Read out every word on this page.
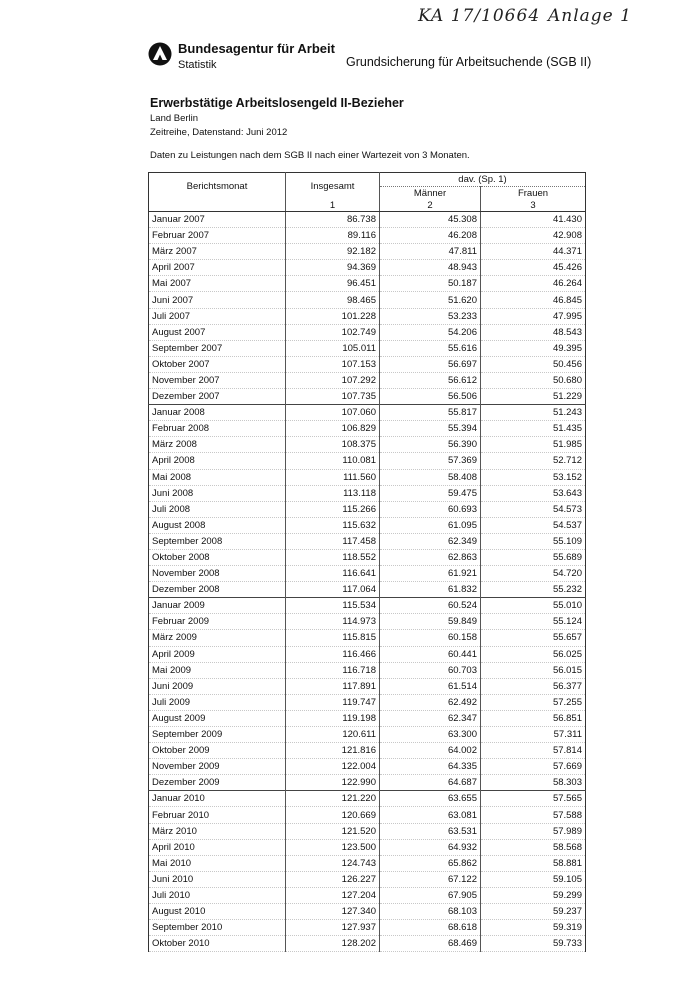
KA 17/10664 Anlage 1
Bundesagentur für Arbeit
Statistik	Grundsicherung für Arbeitsuchende (SGB II)
Erwerbstätige Arbeitslosengeld II-Bezieher
Land Berlin
Zeitreihe, Datenstand: Juni 2012
Daten zu Leistungen nach dem SGB II nach einer Wartezeit von 3 Monaten.
Berichtsmonat	Insgesamt	dav. (Sp. 1)	
		Männer	Frauen
	1	2	3
Januar 2007	86.738	45.308	41.430
Februar 2007	89.116	46.208	42.908
März 2007	92.182	47.811	44.371
April 2007	94.369	48.943	45.426
Mai 2007	96.451	50.187	46.264
Juni 2007	98.465	51.620	46.845
Juli 2007	101.228	53.233	47.995
August 2007	102.749	54.206	48.543
September 2007	105.011	55.616	49.395
Oktober 2007	107.153	56.697	50.456
November 2007	107.292	56.612	50.680
Dezember 2007	107.735	56.506	51.229
Januar 2008	107.060	55.817	51.243
Februar 2008	106.829	55.394	51.435
März 2008	108.375	56.390	51.985
April 2008	110.081	57.369	52.712
Mai 2008	111.560	58.408	53.152
Juni 2008	113.118	59.475	53.643
Juli 2008	115.266	60.693	54.573
August 2008	115.632	61.095	54.537
September 2008	117.458	62.349	55.109
Oktober 2008	118.552	62.863	55.689
November 2008	116.641	61.921	54.720
Dezember 2008	117.064	61.832	55.232
Januar 2009	115.534	60.524	55.010
Februar 2009	114.973	59.849	55.124
März 2009	115.815	60.158	55.657
April 2009	116.466	60.441	56.025
Mai 2009	116.718	60.703	56.015
Juni 2009	117.891	61.514	56.377
Juli 2009	119.747	62.492	57.255
August 2009	119.198	62.347	56.851
September 2009	120.611	63.300	57.311
Oktober 2009	121.816	64.002	57.814
November 2009	122.004	64.335	57.669
Dezember 2009	122.990	64.687	58.303
Januar 2010	121.220	63.655	57.565
Februar 2010	120.669	63.081	57.588
März 2010	121.520	63.531	57.989
April 2010	123.500	64.932	58.568
Mai 2010	124.743	65.862	58.881
Juni 2010	126.227	67.122	59.105
Juli 2010	127.204	67.905	59.299
August 2010	127.340	68.103	59.237
September 2010	127.937	68.618	59.319
Oktober 2010	128.202	68.469	59.733
